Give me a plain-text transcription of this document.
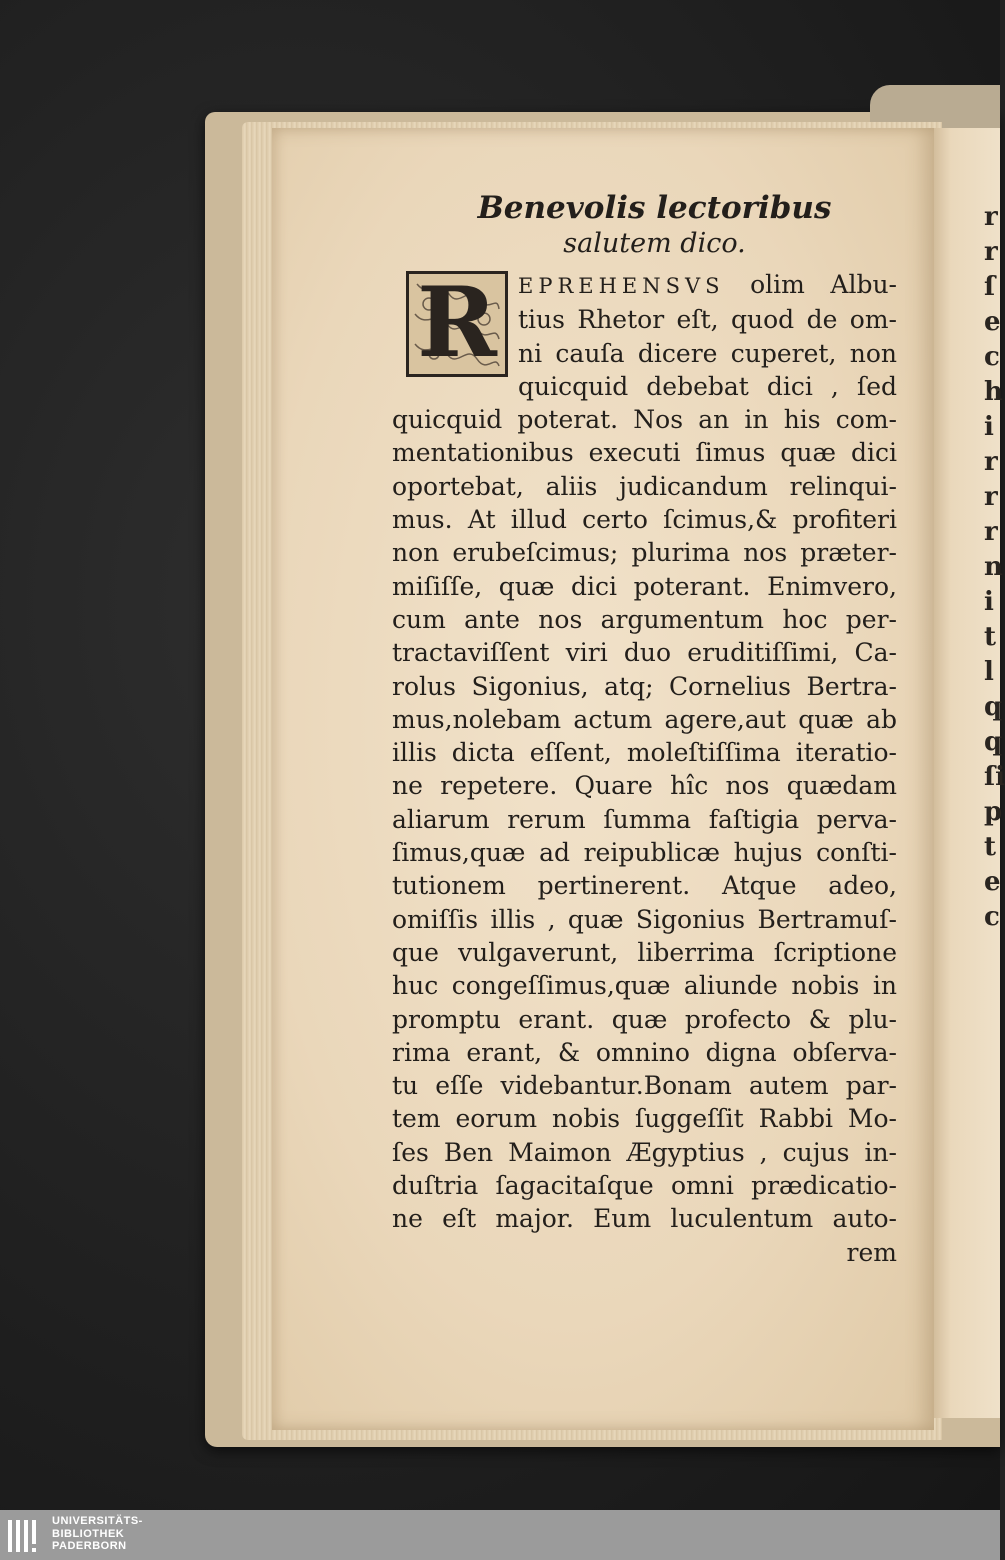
r
r
ſ
e
c
h
i
r
r
r
n
i
t
l
q
q
ſi
p
t
e
c
Benevolis lectoribus
salutem dico.
R	EPREHENSVS olim Albu-
tius Rhetor eſt, quod de om-
ni cauſa dicere cuperet, non
quicquid debebat dici , ſed
quicquid poterat. Nos an in his com-
mentationibus executi ſimus quæ dici
oportebat, aliis judicandum relinqui-
mus. At illud certo ſcimus,& profiteri
non erubeſcimus; plurima nos præter-
miſiſſe, quæ dici poterant. Enimvero,
cum ante nos argumentum hoc per-
tractaviſſent viri duo eruditiſſimi, Ca-
rolus Sigonius, atq; Cornelius Bertra-
mus,nolebam actum agere,aut quæ ab
illis dicta eſſent, moleſtiſſima iteratio-
ne repetere. Quare hîc nos quædam
aliarum rerum ſumma faſtigia perva-
ſimus,quæ ad reipublicæ hujus conſti-
tutionem pertinerent. Atque adeo,
omiſſis illis , quæ Sigonius Bertramuſ-
que vulgaverunt, liberrima ſcriptione
huc congeſſimus,quæ aliunde nobis in
promptu erant. quæ profecto & plu-
rima erant, & omnino digna obſerva-
tu eſſe videbantur.Bonam autem par-
tem eorum nobis ſuggeſſit Rabbi Mo-
ſes Ben Maimon Ægyptius , cujus in-
duſtria ſagacitaſque omni prædicatio-
ne eſt major. Eum luculentum auto-
rem
UNIVERSITÄTS-
BIBLIOTHEK
PADERBORN
